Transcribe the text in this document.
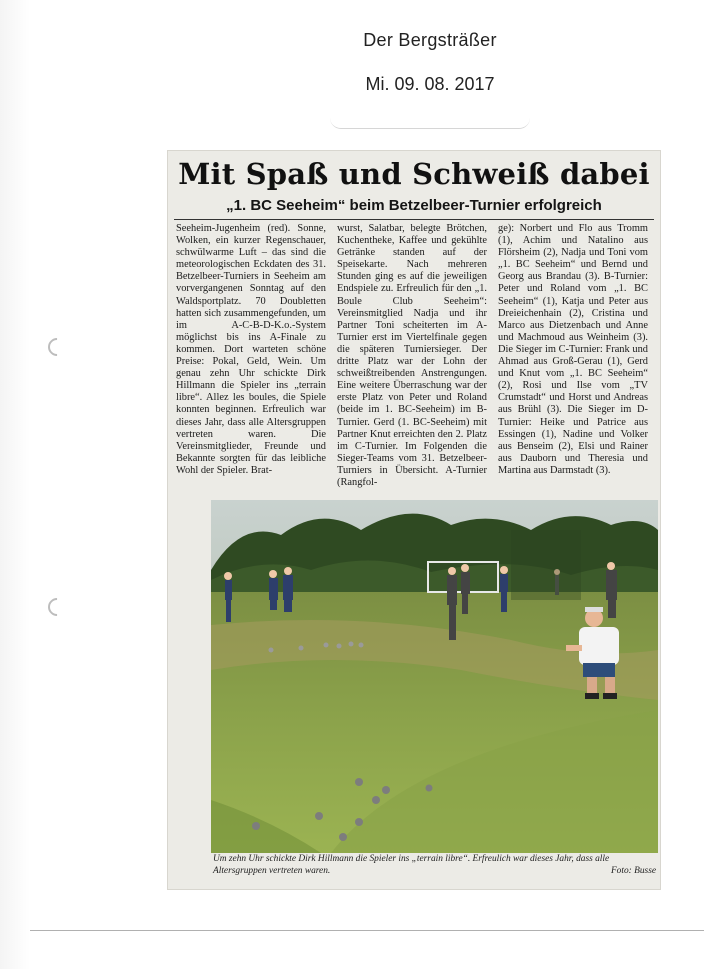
Der Bergsträßer
Mi. 09. 08. 2017
Mit Spaß und Schweiß dabei
„1. BC Seeheim“ beim Betzelbeer-Turnier erfolgreich

Seeheim-Jugenheim (red). Sonne, Wolken, ein kurzer Regenschauer, schwülwarme Luft – das sind die meteorologischen Eckdaten des 31. Betzelbeer-Turniers in Seeheim am vorvergangenen Sonntag auf den Waldsportplatz. 70 Doubletten hatten sich zusammengefunden, um im A-C-B-D-K.o.-System möglichst bis ins A-Finale zu kommen. Dort warteten schöne Preise: Pokal, Geld, Wein. Um genau zehn Uhr schickte Dirk Hillmann die Spieler ins „terrain libre“. Allez les boules, die Spiele konnten beginnen. Erfreulich war dieses Jahr, dass alle Altersgruppen vertreten waren. Die Vereinsmitglieder, Freunde und Bekannte sorgten für das leibliche Wohl der Spieler. Brat-

wurst, Salatbar, belegte Brötchen, Kuchentheke, Kaffee und gekühlte Getränke standen auf der Speisekarte. Nach mehreren Stunden ging es auf die jeweiligen Endspiele zu. Erfreulich für den „1. Boule Club Seeheim“: Vereinsmitglied Nadja und ihr Partner Toni scheiterten im A-Turnier erst im Viertelfinale gegen die späteren Turniersieger. Der dritte Platz war der Lohn der schweißtreibenden Anstrengungen. Eine weitere Überraschung war der erste Platz von Peter und Roland (beide im 1. BC-Seeheim) im B-Turnier. Gerd (1. BC-Seeheim) mit Partner Knut erreichten den 2. Platz im C-Turnier. Im Folgenden die Sieger-Teams vom 31. Betzelbeer-Turniers in Übersicht. A-Turnier (Rangfol-

ge): Norbert und Flo aus Tromm (1), Achim und Natalino aus Flörsheim (2), Nadja und Toni vom „1. BC Seeheim“ und Bernd und Georg aus Brandau (3). B-Turnier: Peter und Roland vom „1. BC Seeheim“ (1), Katja und Peter aus Dreieichenhain (2), Cristina und Marco aus Dietzenbach und Anne und Machmoud aus Weinheim (3). Die Sieger im C-Turnier: Frank und Ahmad aus Groß-Gerau (1), Gerd und Knut vom „1. BC Seeheim“ (2), Rosi und Ilse vom „TV Crumstadt“ und Horst und Andreas aus Brühl (3). Die Sieger im D-Turnier: Heike und Patrice aus Essingen (1), Nadine und Volker aus Benseim (2), Elsi und Rainer aus Dauborn und Theresia und Martina aus Darmstadt (3).

Um zehn Uhr schickte Dirk Hillmann die Spieler ins „terrain libre“. Erfreulich war dieses Jahr, dass alle Altersgruppen vertreten waren.	Foto: Busse
